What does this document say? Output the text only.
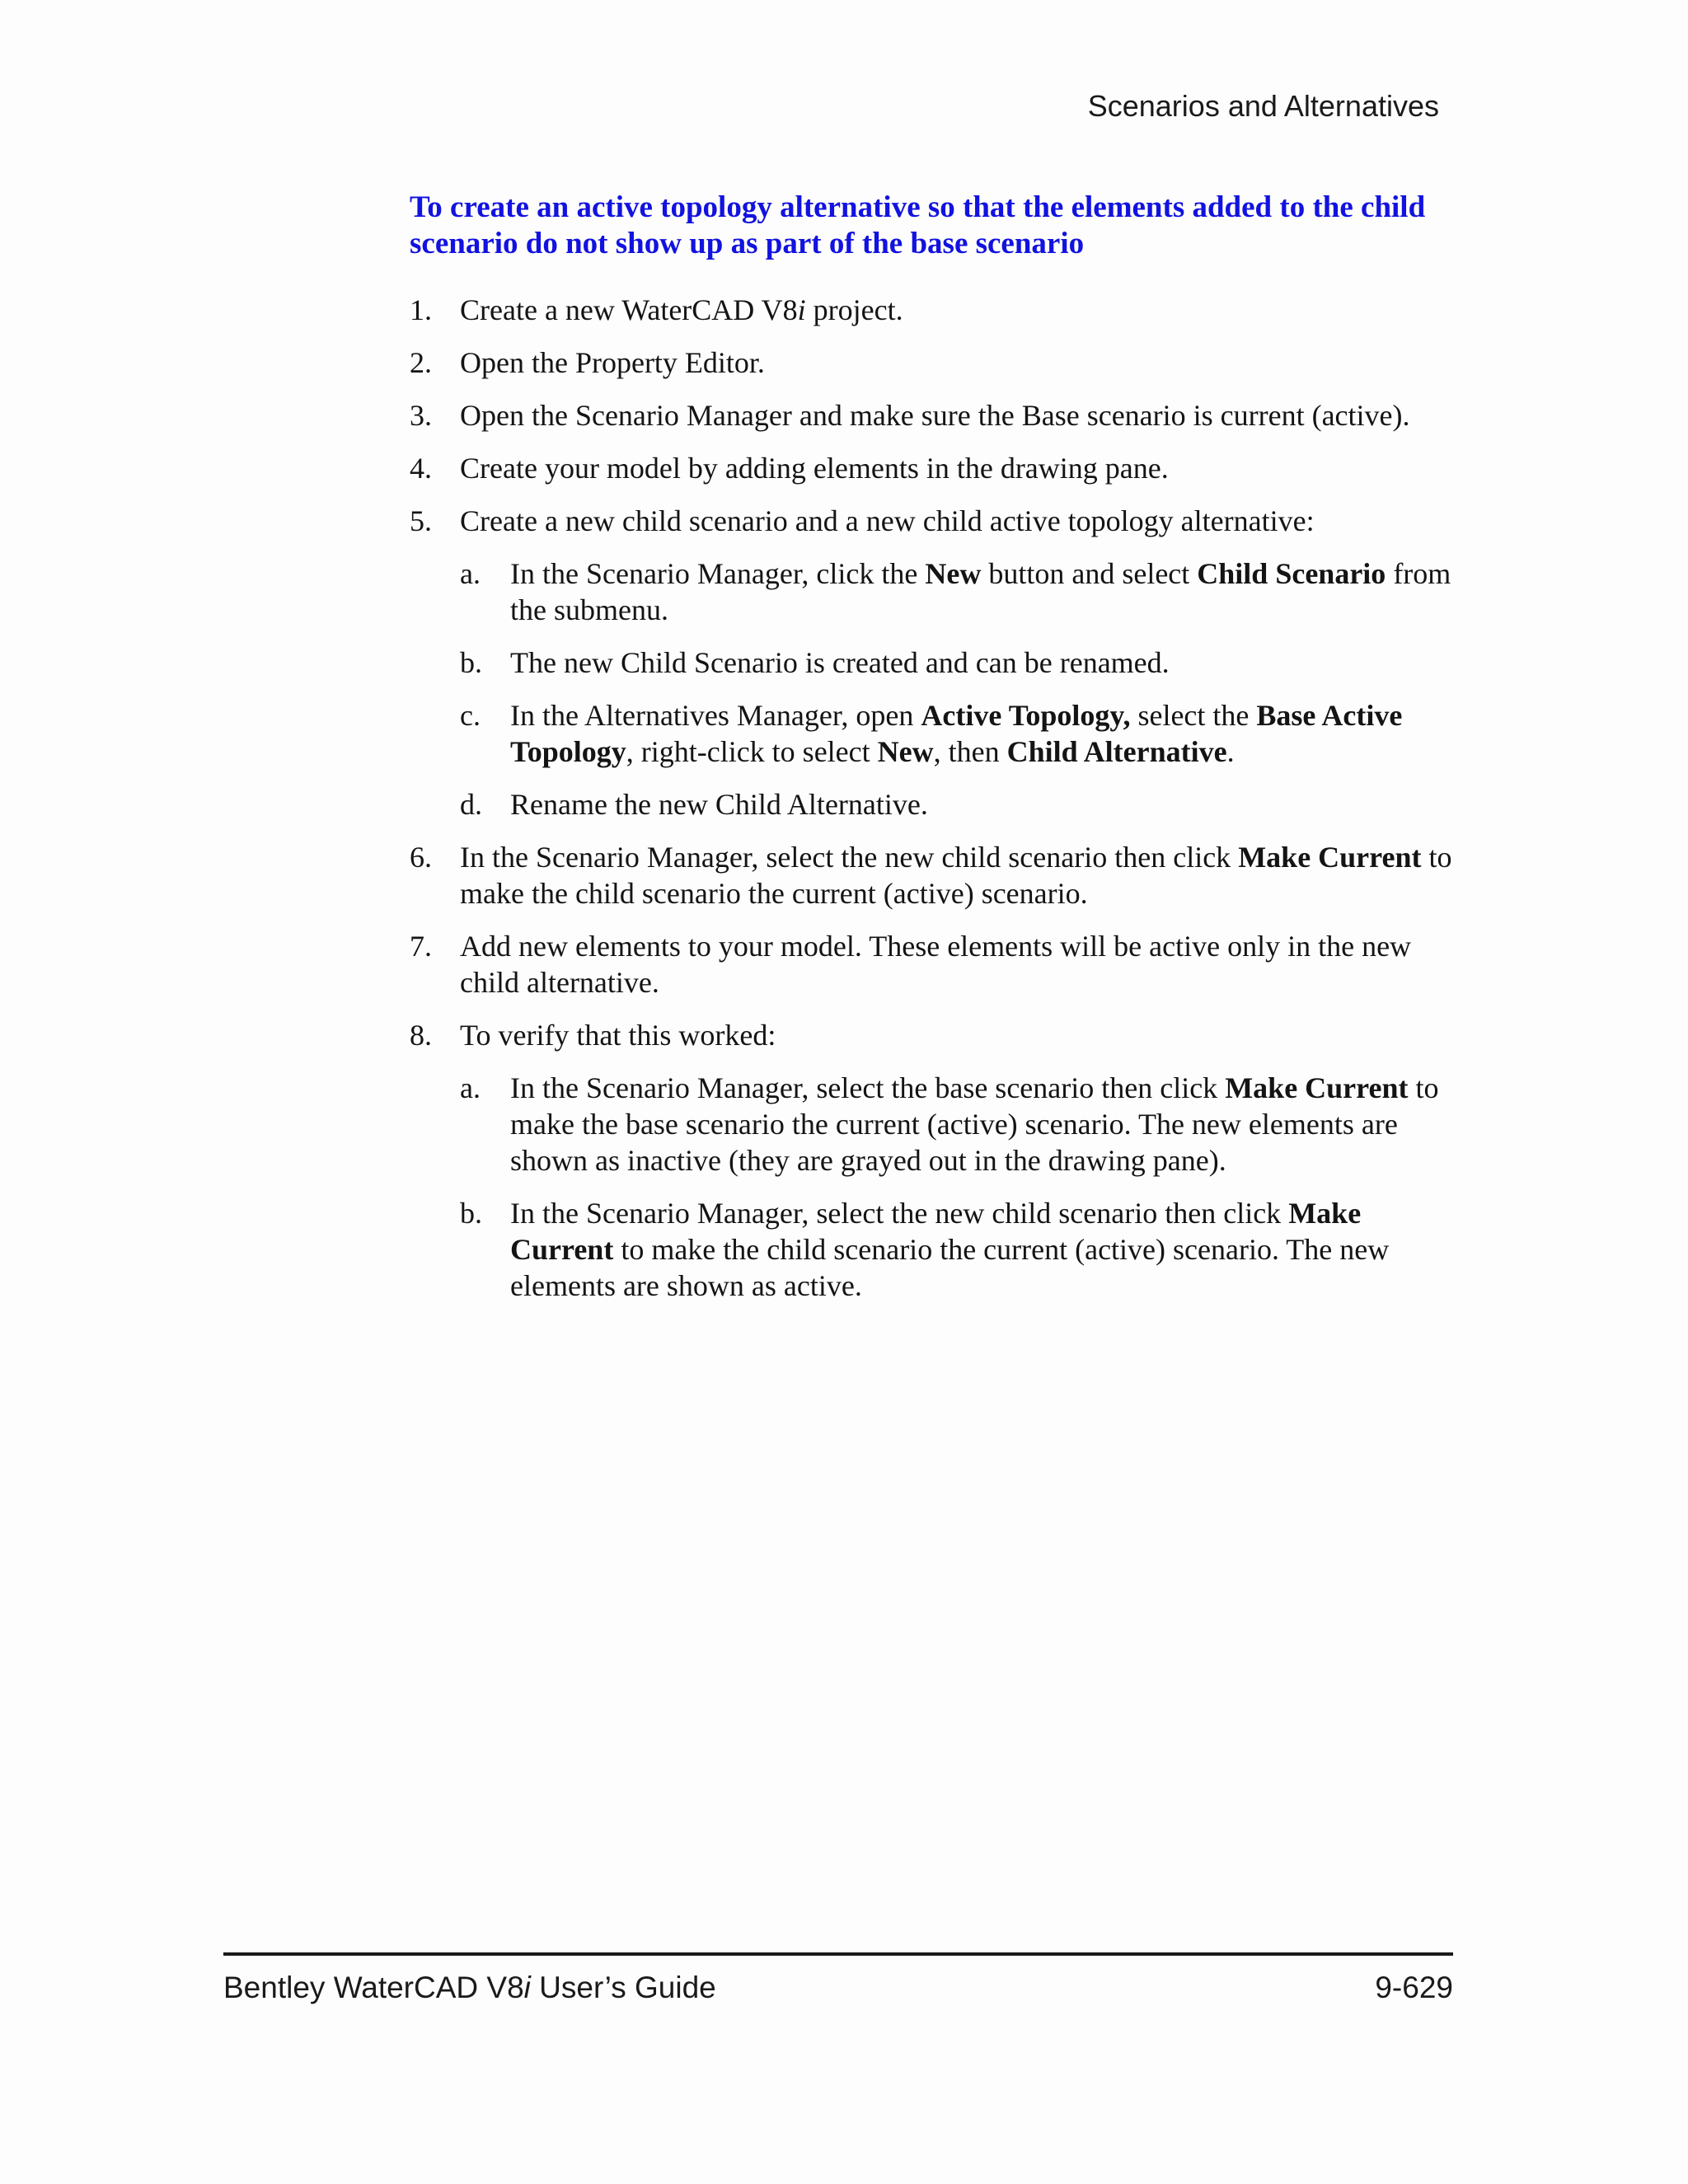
Scenarios and Alternatives
To create an active topology alternative so that the elements added to the child scenario do not show up as part of the base scenario
1. Create a new WaterCAD V8i project.
2. Open the Property Editor.
3. Open the Scenario Manager and make sure the Base scenario is current (active).
4. Create your model by adding elements in the drawing pane.
5. Create a new child scenario and a new child active topology alternative:
a. In the Scenario Manager, click the New button and select Child Scenario from the submenu.
b. The new Child Scenario is created and can be renamed.
c. In the Alternatives Manager, open Active Topology, select the Base Active Topology, right-click to select New, then Child Alternative.
d. Rename the new Child Alternative.
6. In the Scenario Manager, select the new child scenario then click Make Current to make the child scenario the current (active) scenario.
7. Add new elements to your model. These elements will be active only in the new child alternative.
8. To verify that this worked:
a. In the Scenario Manager, select the base scenario then click Make Current to make the base scenario the current (active) scenario. The new elements are shown as inactive (they are grayed out in the drawing pane).
b. In the Scenario Manager, select the new child scenario then click Make Current to make the child scenario the current (active) scenario. The new elements are shown as active.
Bentley WaterCAD V8i User’s Guide	9-629
